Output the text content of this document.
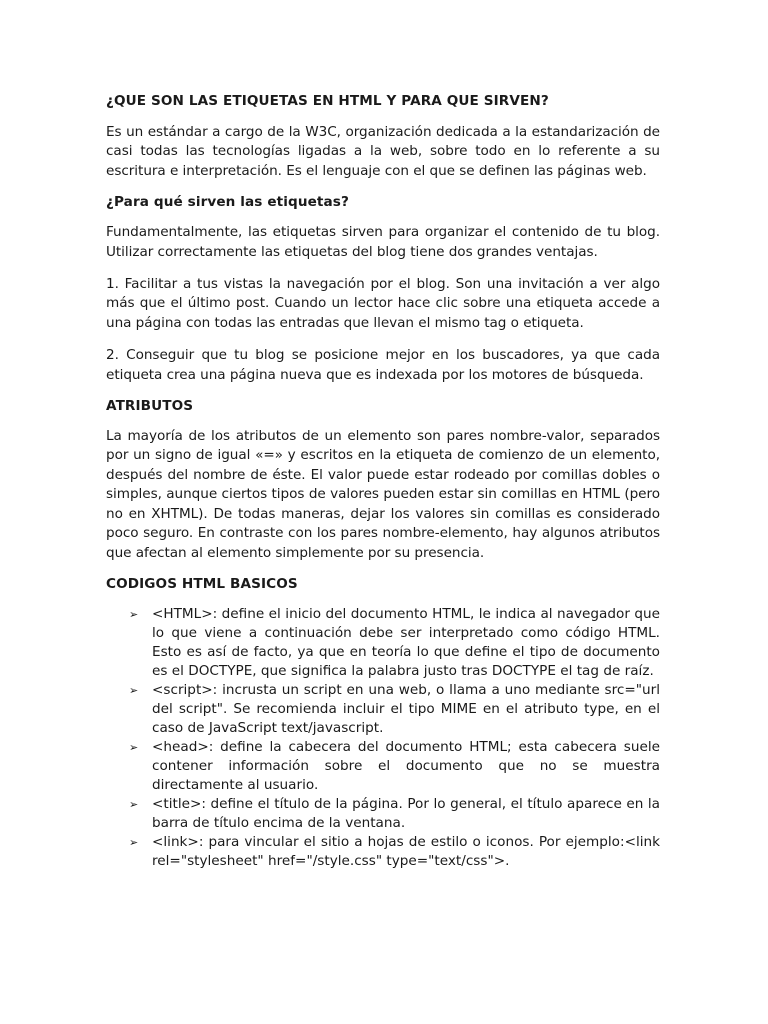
¿QUE SON LAS ETIQUETAS EN HTML Y PARA QUE SIRVEN?

Es un estándar a cargo de la W3C, organización dedicada a la estandarización de casi todas las tecnologías ligadas a la web, sobre todo en lo referente a su escritura e interpretación. Es el lenguaje con el que se definen las páginas web.

¿Para qué sirven las etiquetas?

Fundamentalmente, las etiquetas sirven para organizar el contenido de tu blog. Utilizar correctamente las etiquetas del blog tiene dos grandes ventajas.

1. Facilitar a tus vistas la navegación por el blog. Son una invitación a ver algo más que el último post. Cuando un lector hace clic sobre una etiqueta accede a una página con todas las entradas que llevan el mismo tag o etiqueta.

2. Conseguir que tu blog se posicione mejor en los buscadores, ya que cada etiqueta crea una página nueva que es indexada por los motores de búsqueda.

ATRIBUTOS

La mayoría de los atributos de un elemento son pares nombre-valor, separados por un signo de igual «=» y escritos en la etiqueta de comienzo de un elemento, después del nombre de éste. El valor puede estar rodeado por comillas dobles o simples, aunque ciertos tipos de valores pueden estar sin comillas en HTML (pero no en XHTML). De todas maneras, dejar los valores sin comillas es considerado poco seguro. En contraste con los pares nombre-elemento, hay algunos atributos que afectan al elemento simplemente por su presencia.

CODIGOS HTML BASICOS
➢ <HTML>: define el inicio del documento HTML, le indica al navegador que lo que viene a continuación debe ser interpretado como código HTML. Esto es así de facto, ya que en teoría lo que define el tipo de documento es el DOCTYPE, que significa la palabra justo tras DOCTYPE el tag de raíz.
➢ <script>: incrusta un script en una web, o llama a uno mediante src="url del script". Se recomienda incluir el tipo MIME en el atributo type, en el caso de JavaScript text/javascript.
➢ <head>: define la cabecera del documento HTML; esta cabecera suele contener información sobre el documento que no se muestra directamente al usuario.
➢ <title>: define el título de la página. Por lo general, el título aparece en la barra de título encima de la ventana.
➢ <link>: para vincular el sitio a hojas de estilo o iconos. Por ejemplo:<link rel="stylesheet" href="/style.css" type="text/css">.
